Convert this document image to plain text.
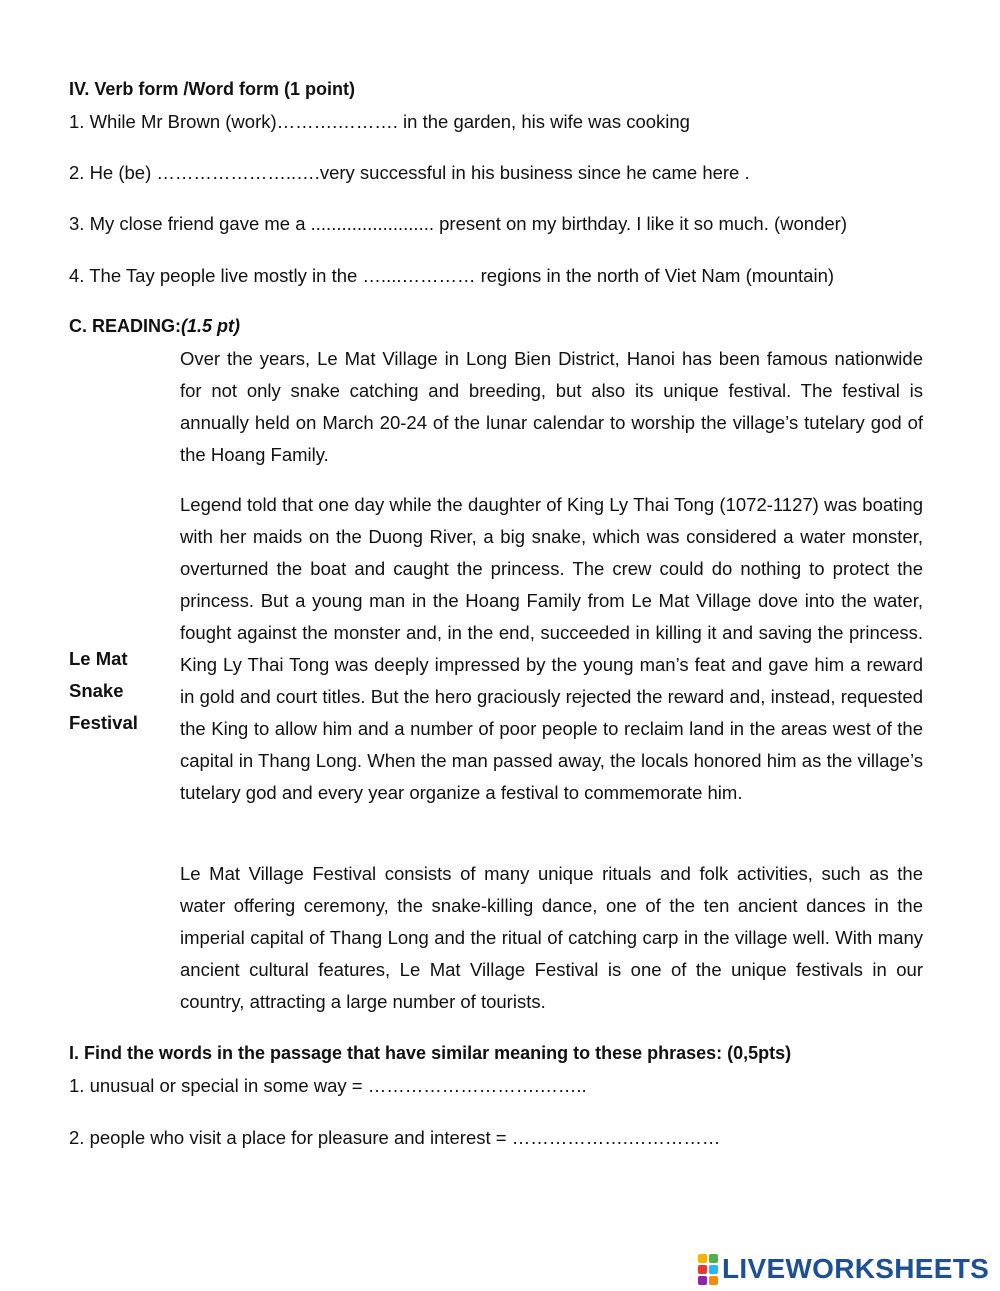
IV. Verb form /Word form (1 point)
1. While Mr Brown (work)……….………. in the garden, his wife was cooking
2. He (be) …………………..….very successful in his business since he came here .
3. My close friend gave me a ........................ present on my birthday. I like it so much. (wonder)
4. The Tay people live mostly in the …....………… regions in the north of Viet Nam (mountain)
C. READING:(1.5 pt)
Le Mat
Snake
Festival

Over the years, Le Mat Village in Long Bien District, Hanoi has been famous nationwide for not only snake catching and breeding, but also its unique festival. The festival is annually held on March 20-24 of the lunar calendar to worship the village’s tutelary god of the Hoang Family.

Legend told that one day while the daughter of King Ly Thai Tong (1072-1127) was boating with her maids on the Duong River, a big snake, which was considered a water monster, overturned the boat and caught the princess. The crew could do nothing to protect the princess. But a young man in the Hoang Family from Le Mat Village dove into the water, fought against the monster and, in the end, succeeded in killing it and saving the princess. King Ly Thai Tong was deeply impressed by the young man’s feat and gave him a reward in gold and court titles. But the hero graciously rejected the reward and, instead, requested the King to allow him and a number of poor people to reclaim land in the areas west of the capital in Thang Long. When the man passed away, the locals honored him as the village’s tutelary god and every year organize a festival to commemorate him.

Le Mat Village Festival consists of many unique rituals and folk activities, such as the water offering ceremony, the snake-killing dance, one of the ten ancient dances in the imperial capital of Thang Long and the ritual of catching carp in the village well. With many ancient cultural features, Le Mat Village Festival is one of the unique festivals in our country, attracting a large number of tourists.

I. Find the words in the passage that have similar meaning to these phrases: (0,5pts)
1. unusual or special in some way = ……………………….……..
2. people who visit a place for pleasure and interest = ……………….……………
LIVEWORKSHEETS
